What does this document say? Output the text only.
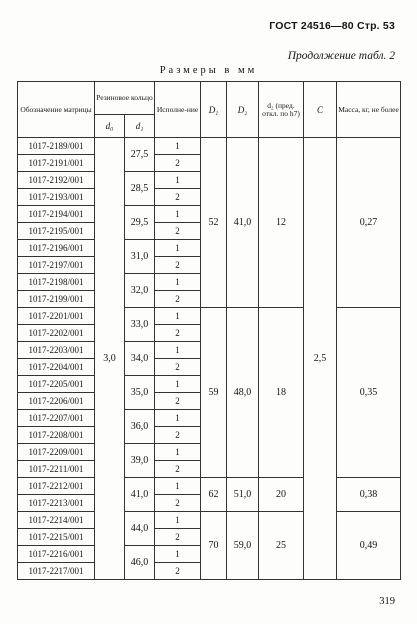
ГОСТ 24516—80 Стр. 53
Продолжение табл. 2
Размеры в мм
Обозначение матрицы	Резиновое кольцо		Исполне-ние	D₁	D₂	d₂ (пред. откл. по h7)	C	Масса, кг, не более
	d₀	d₁						
1017-2189/001	3,0	27,5	1	52	41,0	12	2,5	0,27
1017-2191/001			2					
1017-2192/001		28,5	1					
1017-2193/001			2					
1017-2194/001		29,5	1					
1017-2195/001			2					
1017-2196/001		31,0	1					
1017-2197/001			2					
1017-2198/001		32,0	1					
1017-2199/001			2					
1017-2201/001		33,0	1	59	48,0	18		0,35
1017-2202/001			2					
1017-2203/001		34,0	1					
1017-2204/001			2					
1017-2205/001		35,0	1					
1017-2206/001			2					
1017-2207/001		36,0	1					
1017-2208/001			2					
1017-2209/001		39,0	1					
1017-2211/001			2					
1017-2212/001		41,0	1	62	51,0	20		0,38
1017-2213/001			2					
1017-2214/001		44,0	1	70	59,0	25		0,49
1017-2215/001			2					
1017-2216/001		46,0	1					
1017-2217/001			2					
319
